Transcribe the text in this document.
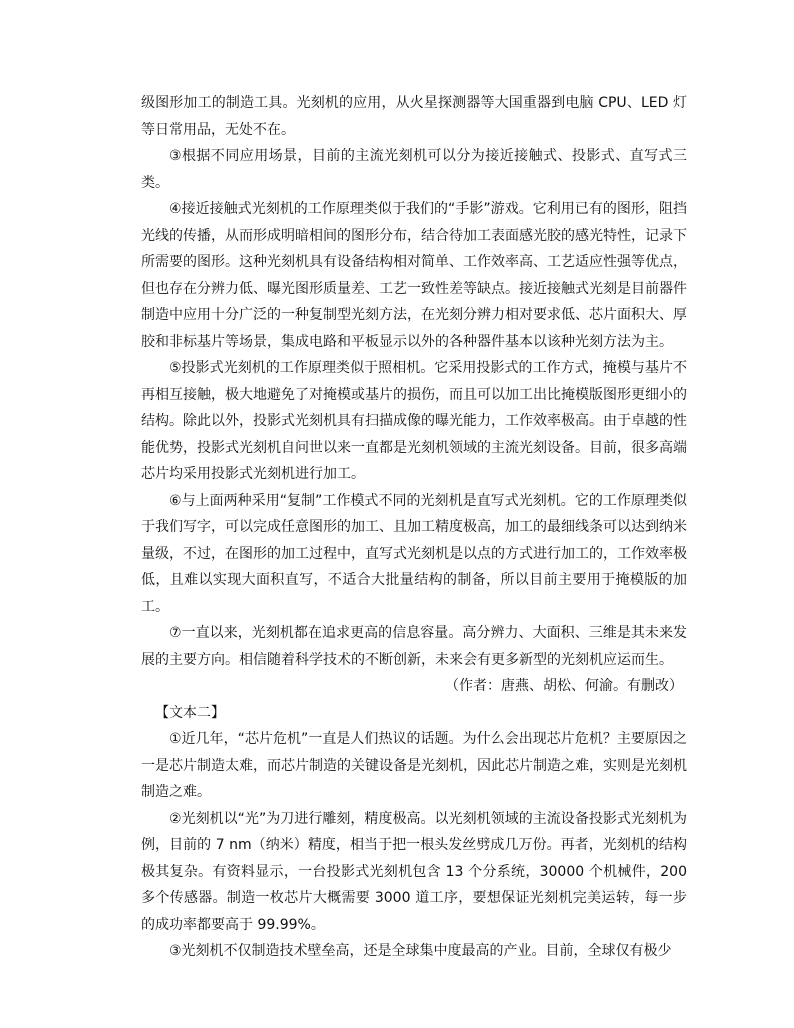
级图形加工的制造工具。光刻机的应用，从火星探测器等大国重器到电脑 CPU、LED 灯等日常用品，无处不在。

③根据不同应用场景，目前的主流光刻机可以分为接近接触式、投影式、直写式三类。

④接近接触式光刻机的工作原理类似于我们的“手影”游戏。它利用已有的图形，阻挡光线的传播，从而形成明暗相间的图形分布，结合待加工表面感光胶的感光特性，记录下所需要的图形。这种光刻机具有设备结构相对简单、工作效率高、工艺适应性强等优点，但也存在分辨力低、曝光图形质量差、工艺一致性差等缺点。接近接触式光刻是目前器件制造中应用十分广泛的一种复制型光刻方法，在光刻分辨力相对要求低、芯片面积大、厚胶和非标基片等场景，集成电路和平板显示以外的各种器件基本以该种光刻方法为主。

⑤投影式光刻机的工作原理类似于照相机。它采用投影式的工作方式，掩模与基片不再相互接触，极大地避免了对掩模或基片的损伤，而且可以加工出比掩模版图形更细小的结构。除此以外，投影式光刻机具有扫描成像的曝光能力，工作效率极高。由于卓越的性能优势，投影式光刻机自问世以来一直都是光刻机领域的主流光刻设备。目前，很多高端芯片均采用投影式光刻机进行加工。

⑥与上面两种采用“复制”工作模式不同的光刻机是直写式光刻机。它的工作原理类似于我们写字，可以完成任意图形的加工、且加工精度极高，加工的最细线条可以达到纳米量级，不过，在图形的加工过程中，直写式光刻机是以点的方式进行加工的，工作效率极低，且难以实现大面积直写，不适合大批量结构的制备，所以目前主要用于掩模版的加工。

⑦一直以来，光刻机都在追求更高的信息容量。高分辨力、大面积、三维是其未来发展的主要方向。相信随着科学技术的不断创新，未来会有更多新型的光刻机应运而生。

（作者：唐燕、胡松、何渝。有删改）

【文本二】

①近几年，“芯片危机”一直是人们热议的话题。为什么会出现芯片危机？主要原因之一是芯片制造太难，而芯片制造的关键设备是光刻机，因此芯片制造之难，实则是光刻机制造之难。

②光刻机以“光”为刀进行雕刻，精度极高。以光刻机领域的主流设备投影式光刻机为例，目前的 7 nm（纳米）精度，相当于把一根头发丝劈成几万份。再者，光刻机的结构极其复杂。有资料显示，一台投影式光刻机包含 13 个分系统，30000 个机械件，200 多个传感器。制造一枚芯片大概需要 3000 道工序，要想保证光刻机完美运转，每一步的成功率都要高于 99.99%。

③光刻机不仅制造技术壁垒高，还是全球集中度最高的产业。目前，全球仅有极少
